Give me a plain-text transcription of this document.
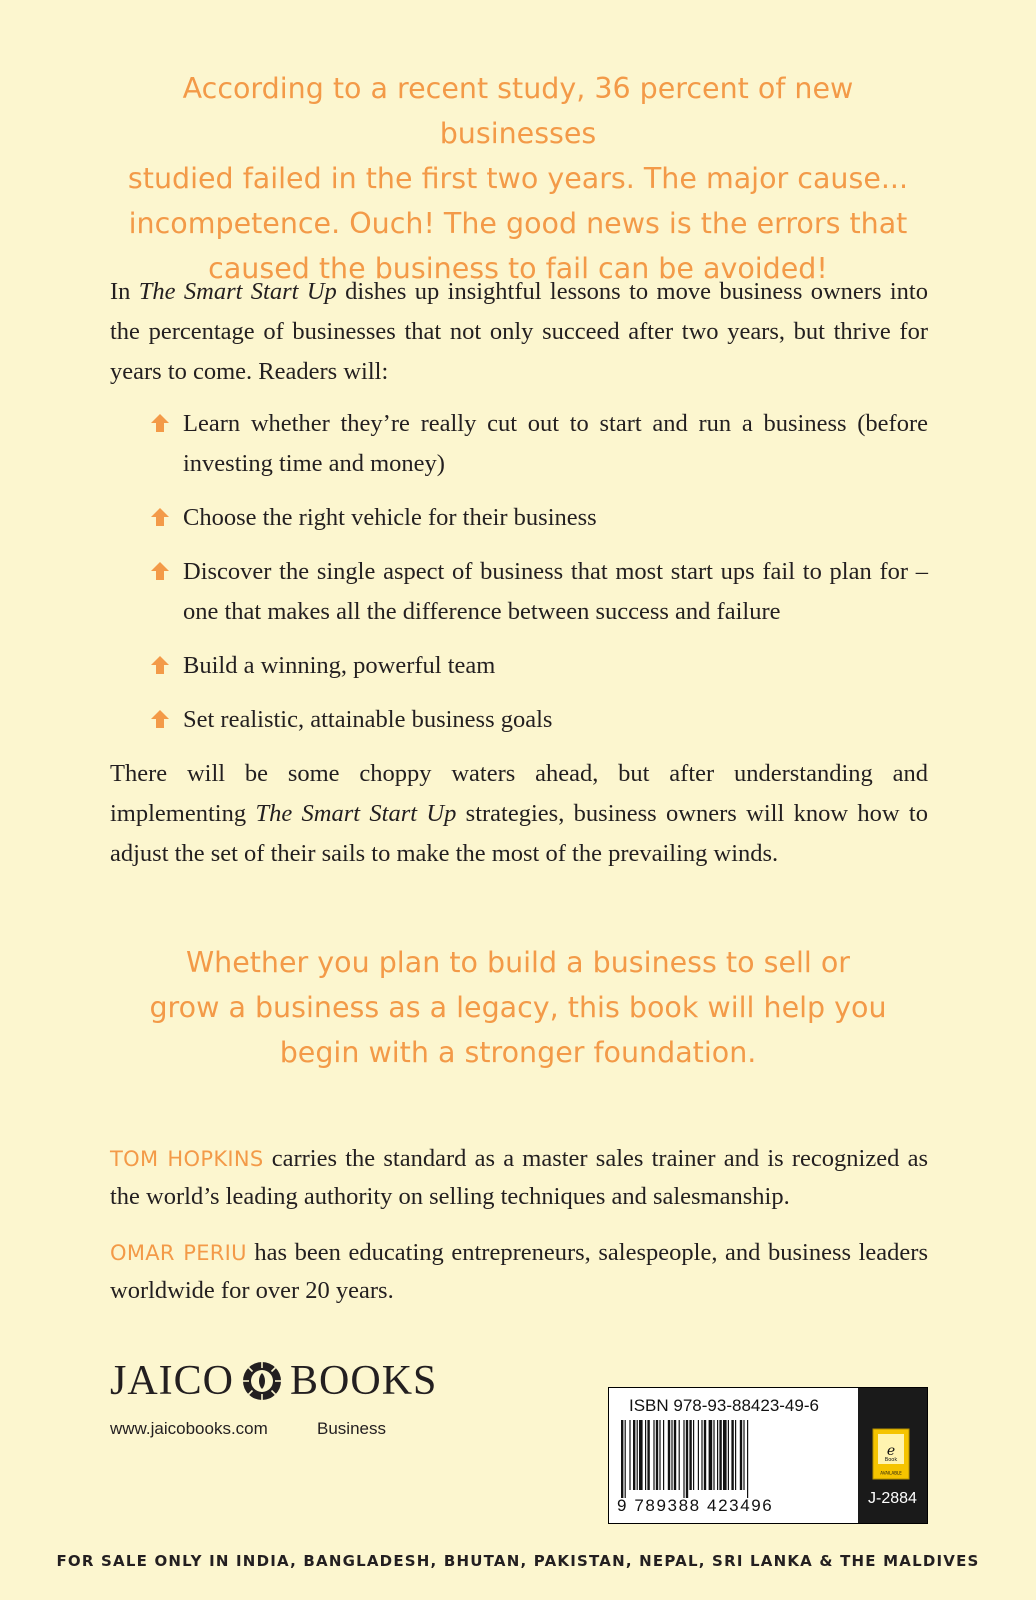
According to a recent study, 36 percent of new businesses

studied failed in the first two years. The major cause...

incompetence. Ouch! The good news is the errors that

caused the business to fail can be avoided!

In The Smart Start Up dishes up insightful lessons to move business owners into the percentage of businesses that not only succeed after two years, but thrive for years to come. Readers will:

Learn whether they’re really cut out to start and run a business (before investing time and money)
Choose the right vehicle for their business
Discover the single aspect of business that most start ups fail to plan for – one that makes all the difference between success and failure
Build a winning, powerful team
Set realistic, attainable business goals

There will be some choppy waters ahead, but after understanding and implementing The Smart Start Up strategies, business owners will know how to adjust the set of their sails to make the most of the prevailing winds.

Whether you plan to build a business to sell or

grow a business as a legacy, this book will help you

begin with a stronger foundation.

TOM HOPKINS carries the standard as a master sales trainer and is recognized as the world’s leading authority on selling techniques and salesmanship.

OMAR PERIU has been educating entrepreneurs, salespeople, and business leaders worldwide for over 20 years.

JAICO BOOKS
www.jaicobooks.com	Business
ISBN 978-93-88423-49-6
9 789388 423496
e
Book
AVAILABLE
J-2884
FOR SALE ONLY IN INDIA, BANGLADESH, BHUTAN, PAKISTAN, NEPAL, SRI LANKA & THE MALDIVES
